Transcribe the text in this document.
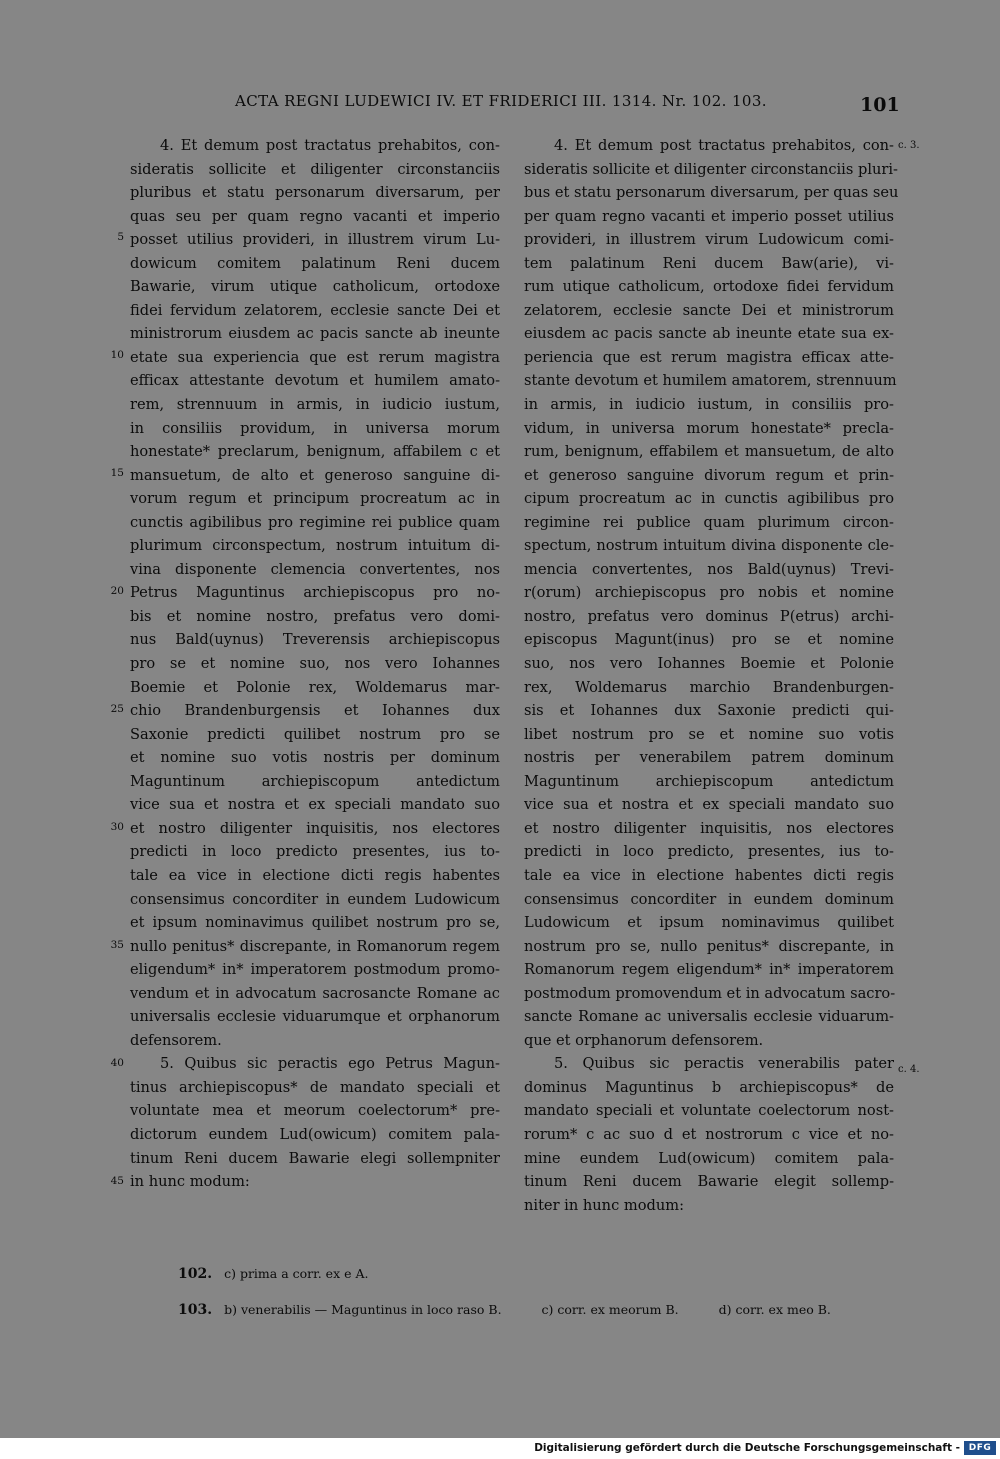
ACTA REGNI LUDEWICI IV. ET FRIDERICI III. 1314. Nr. 102. 103.	101
4. Et demum post tractatus prehabitos, con-
sideratis sollicite et diligenter circonstanciis
pluribus et statu personarum diversarum, per
quas seu per quam regno vacanti et imperio
posset utilius provideri, in illustrem virum Lu-
dowicum comitem palatinum Reni ducem
Bawarie, virum utique catholicum, ortodoxe
fidei fervidum zelatorem, ecclesie sancte Dei et
ministrorum eiusdem ac pacis sancte ab ineunte
etate sua experiencia que est rerum magistra
efficax attestante devotum et humilem amato-
rem, strennuum in armis, in iudicio iustum,
in consiliis providum, in universa morum
honestate* preclarum, benignum, affabilem c et
mansuetum, de alto et generoso sanguine di-
vorum regum et principum procreatum ac in
cunctis agibilibus pro regimine rei publice quam
plurimum circonspectum, nostrum intuitum di-
vina disponente clemencia convertentes, nos
Petrus Maguntinus archiepiscopus pro no-
bis et nomine nostro, prefatus vero domi-
nus Bald(uynus) Treverensis archiepiscopus
pro se et nomine suo, nos vero Iohannes
Boemie et Polonie rex, Woldemarus mar-
chio Brandenburgensis et Iohannes dux
Saxonie predicti quilibet nostrum pro se
et nomine suo votis nostris per dominum
Maguntinum archiepiscopum antedictum
vice sua et nostra et ex speciali mandato suo
et nostro diligenter inquisitis, nos electores
predicti in loco predicto presentes, ius to-
tale ea vice in electione dicti regis habentes
consensimus concorditer in eundem Ludowicum
et ipsum nominavimus quilibet nostrum pro se,
nullo penitus* discrepante, in Romanorum regem
eligendum* in* imperatorem postmodum promo-
vendum et in advocatum sacrosancte Romane ac
universalis ecclesie viduarumque et orphanorum
defensorem.
5. Quibus sic peractis ego Petrus Magun-
tinus archiepiscopus* de mandato speciali et
voluntate mea et meorum coelectorum* pre-
dictorum eundem Lud(owicum) comitem pala-
tinum Reni ducem Bawarie elegi sollempniter
in hunc modum:
4. Et demum post tractatus prehabitos, con-
sideratis sollicite et diligenter circonstanciis pluri-
bus et statu personarum diversarum, per quas seu
per quam regno vacanti et imperio posset utilius
provideri, in illustrem virum Ludowicum comi-
tem palatinum Reni ducem Baw(arie), vi-
rum utique catholicum, ortodoxe fidei fervidum
zelatorem, ecclesie sancte Dei et ministrorum
eiusdem ac pacis sancte ab ineunte etate sua ex-
periencia que est rerum magistra efficax atte-
stante devotum et humilem amatorem, strennuum
in armis, in iudicio iustum, in consiliis pro-
vidum, in universa morum honestate* precla-
rum, benignum, effabilem et mansuetum, de alto
et generoso sanguine divorum regum et prin-
cipum procreatum ac in cunctis agibilibus pro
regimine rei publice quam plurimum circon-
spectum, nostrum intuitum divina disponente cle-
mencia convertentes, nos Bald(uynus) Trevi-
r(orum) archiepiscopus pro nobis et nomine
nostro, prefatus vero dominus P(etrus) archi-
episcopus Magunt(inus) pro se et nomine
suo, nos vero Iohannes Boemie et Polonie
rex, Woldemarus marchio Brandenburgen-
sis et Iohannes dux Saxonie predicti qui-
libet nostrum pro se et nomine suo votis
nostris per venerabilem patrem dominum
Maguntinum archiepiscopum antedictum
vice sua et nostra et ex speciali mandato suo
et nostro diligenter inquisitis, nos electores
predicti in loco predicto, presentes, ius to-
tale ea vice in electione habentes dicti regis
consensimus concorditer in eundem dominum
Ludowicum et ipsum nominavimus quilibet
nostrum pro se, nullo penitus* discrepante, in
Romanorum regem eligendum* in* imperatorem
postmodum promovendum et in advocatum sacro-
sancte Romane ac universalis ecclesie viduarum-
que et orphanorum defensorem.
5. Quibus sic peractis venerabilis pater
dominus Maguntinus b archiepiscopus* de
mandato speciali et voluntate coelectorum nost-
rorum* c ac suo d et nostrorum c vice et no-
mine eundem Lud(owicum) comitem pala-
tinum Reni ducem Bawarie elegit sollemp-
niter in hunc modum:
5
10
15
20
25
30
35
40
45
c. 3.
c. 4.
102. c) prima a corr. ex e A.
103. b) venerabilis — Maguntinus in loco raso B.	c) corr. ex meorum B.	d) corr. ex meo B.
Digitalisierung gefördert durch die Deutsche Forschungsgemeinschaft - DFG
